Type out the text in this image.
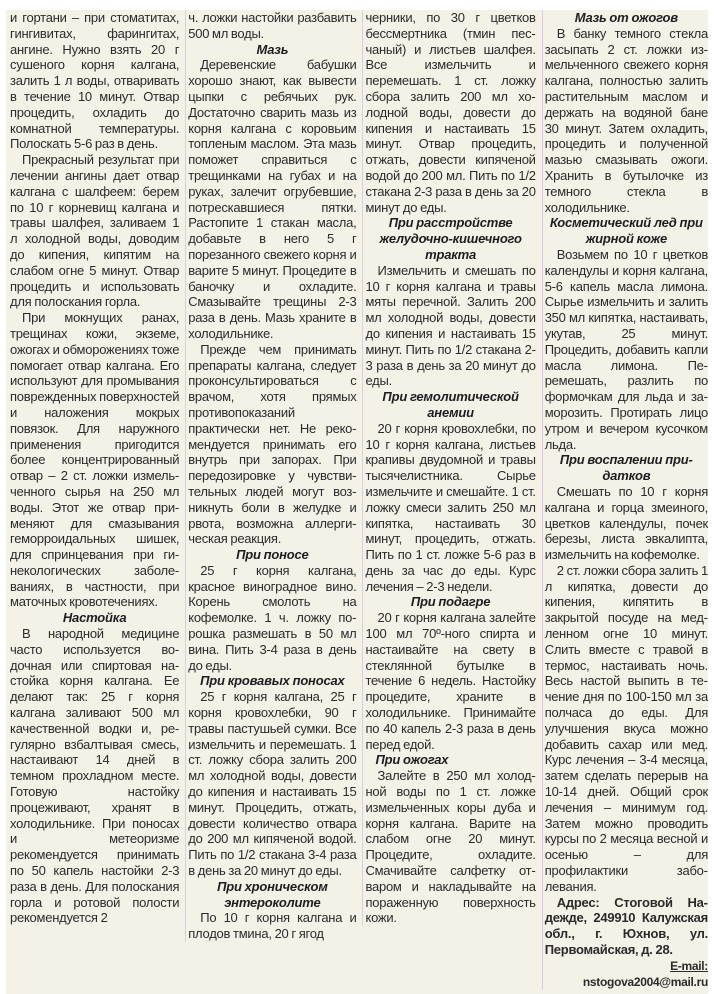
и гортани – при стоматитах, гингивитах, фарингитах, ангине. Нужно взять 20 г сушеного корня калгана, залить 1 л воды, отваривать в течение 10 минут. Отвар процедить, охладить до комнатной температуры. Полоскать 5-6 раз в день.

Прекрасный результат при лечении ангины дает отвар калгана с шалфеем: берем по 10 г корневищ калгана и травы шалфея, заливаем 1 л холодной воды, доводим до кипения, кипятим на слабом огне 5 минут. Отвар процедить и использовать для полоскания горла.

При мокнущих ранах, трещинах кожи, экземе, ожогах и обморожениях тоже помогает отвар калгана. Его используют для промывания поврежденных поверхностей и наложения мокрых повязок. Для наружного применения пригодится более концентрированный отвар – 2 ст. ложки измельченного сырья на 250 мл воды. Этот же отвар применяют для смазывания геморроидальных шишек, для спринцевания при гинекологических заболеваниях, в частности, при маточных кровотечениях.

Настойка

В народной медицине часто используется водочная или спиртовая настойка корня калгана. Ее делают так: 25 г корня калгана заливают 500 мл качественной водки и, регулярно взбалтывая смесь, настаивают 14 дней в темном прохладном месте. Готовую настойку процеживают, хранят в холодильнике. При поносах и метеоризме рекомендуется принимать по 50 капель настойки 2-3 раза в день. Для полоскания горла и ротовой полости рекомендуется 2

ч. ложки настойки разбавить 500 мл воды.

Мазь

Деревенские бабушки хорошо знают, как вывести цыпки с ребячьих рук. Достаточно сварить мазь из корня калгана с коровьим топленым маслом. Эта мазь поможет справиться с трещинками на губах и на руках, залечит огрубевшие, потрескавшиеся пятки. Растопите 1 стакан масла, добавьте в него 5 г порезанного свежего корня и варите 5 минут. Процедите в баночку и охладите. Смазывайте трещины 2-3 раза в день. Мазь храните в холодильнике.

Прежде чем принимать препараты калгана, следует проконсультироваться с врачом, хотя прямых противопоказаний практически нет. Не рекомендуется принимать его внутрь при запорах. При передозировке у чувствительных людей могут возникнуть боли в желудке и рвота, возможна аллергическая реакция.

При поносе

25 г корня калгана, красное виноградное вино. Корень смолоть на кофемолке. 1 ч. ложку порошка размешать в 50 мл вина. Пить 3-4 раза в день до еды.

При кровавых поносах

25 г корня калгана, 25 г корня кровохлебки, 90 г травы пастушьей сумки. Все измельчить и перемешать. 1 ст. ложку сбора залить 200 мл холодной воды, довести до кипения и настаивать 15 минут. Процедить, отжать, довести количество отвара до 200 мл кипяченой водой. Пить по 1/2 стакана 3-4 раза в день за 20 минут до еды.

При хроническом энтероколите

По 10 г корня калгана и плодов тмина, 20 г ягод

черники, по 30 г цветков бессмертника (тмин песчаный) и листьев шалфея. Все измельчить и перемешать. 1 ст. ложку сбора залить 200 мл холодной воды, довести до кипения и настаивать 15 минут. Отвар процедить, отжать, довести кипяченой водой до 200 мл. Пить по 1/2 стакана 2-3 раза в день за 20 минут до еды.

При расстройстве желудочно-кишечного тракта

Измельчить и смешать по 10 г корня калгана и травы мяты перечной. Залить 200 мл холодной воды, довести до кипения и настаивать 15 минут. Пить по 1/2 стакана 2-3 раза в день за 20 минут до еды.

При гемолитической анемии

20 г корня кровохлебки, по 10 г корня калгана, листьев крапивы двудомной и травы тысячелистника. Сырье измельчите и смешайте. 1 ст. ложку смеси залить 250 мл кипятка, настаивать 30 минут, процедить, отжать. Пить по 1 ст. ложке 5-6 раз в день за час до еды. Курс лечения – 2-3 недели.

При подагре

20 г корня калгана залейте 100 мл 70º-ного спирта и настаивайте на свету в стеклянной бутылке в течение 6 недель. Настойку процедите, храните в холодильнике. Принимайте по 40 капель 2-3 раза в день перед едой.

При ожогах

Залейте в 250 мл холодной воды по 1 ст. ложке измельченных коры дуба и корня калгана. Варите на слабом огне 20 минут. Процедите, охладите. Смачивайте салфетку отваром и накладывайте на пораженную поверхность кожи.

Мазь от ожогов

В банку темного стекла засыпать 2 ст. ложки измельченного свежего корня калгана, полностью залить растительным маслом и держать на водяной бане 30 минут. Затем охладить, процедить и полученной мазью смазывать ожоги. Хранить в бутылочке из темного стекла в холодильнике.

Косметический лед при жирной коже

Возьмем по 10 г цветков календулы и корня калгана, 5-6 капель масла лимона. Сырье измельчить и залить 350 мл кипятка, настаивать, укутав, 25 минут. Процедить, добавить капли масла лимона. Перемешать, разлить по формочкам для льда и заморозить. Протирать лицо утром и вечером кусочком льда.

При воспалении придатков

Смешать по 10 г корня калгана и горца змеиного, цветков календулы, почек березы, листа эвкалипта, измельчить на кофемолке.

2 ст. ложки сбора залить 1 л кипятка, довести до кипения, кипятить в закрытой посуде на медленном огне 10 минут. Слить вместе с травой в термос, настаивать ночь. Весь настой выпить в течение дня по 100-150 мл за полчаса до еды. Для улучшения вкуса можно добавить сахар или мед. Курс лечения – 3-4 месяца, затем сделать перерыв на 10-14 дней. Общий срок лечения – минимум год. Затем можно проводить курсы по 2 месяца весной и осенью – для профилактики заболевания.

Адрес: Стоговой Надежде, 249910 Калужская обл., г. Юхнов, ул. Первомайская, д. 28.

E-mail: nstogova2004@mail.ru
